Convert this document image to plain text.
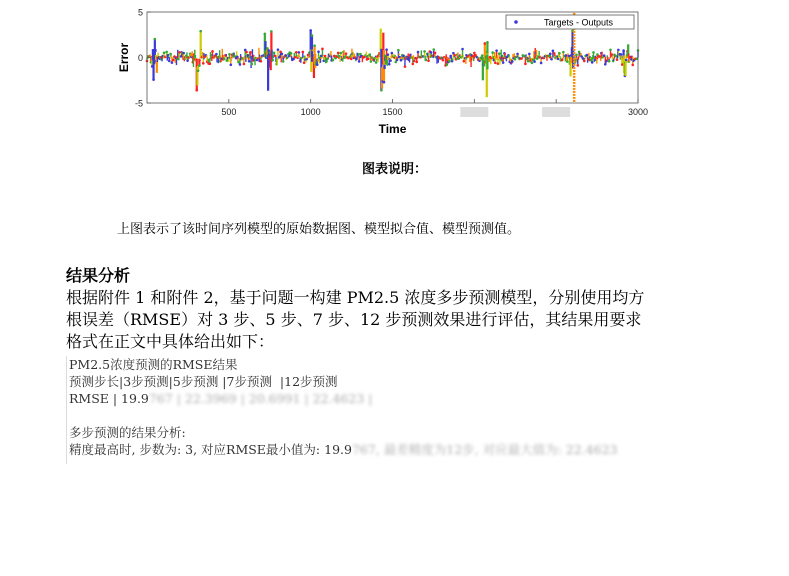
-5
0
5
500	1000	1500	3000
Time
Error
Targets - Outputs
图表说明：
上图表示了该时间序列模型的原始数据图、模型拟合值、模型预测值。
结果分析
根据附件 1 和附件 2，基于问题一构建 PM2.5 浓度多步预测模型，分别使用均方
根误差（RMSE）对 3 步、5 步、7 步、12 步预测效果进行评估，其结果用要求
格式在正文中具体给出如下：
PM2.5浓度预测的RMSE结果
预测步长|3步预测|5步预测 |7步预测  |12步预测
RMSE | 19.9767 | 22.3969 | 20.6991 | 22.4623 |

多步预测的结果分析:
精度最高时, 步数为: 3, 对应RMSE最小值为: 19.9767, 最差精度为12步, 对应最大值为: 22.4623
